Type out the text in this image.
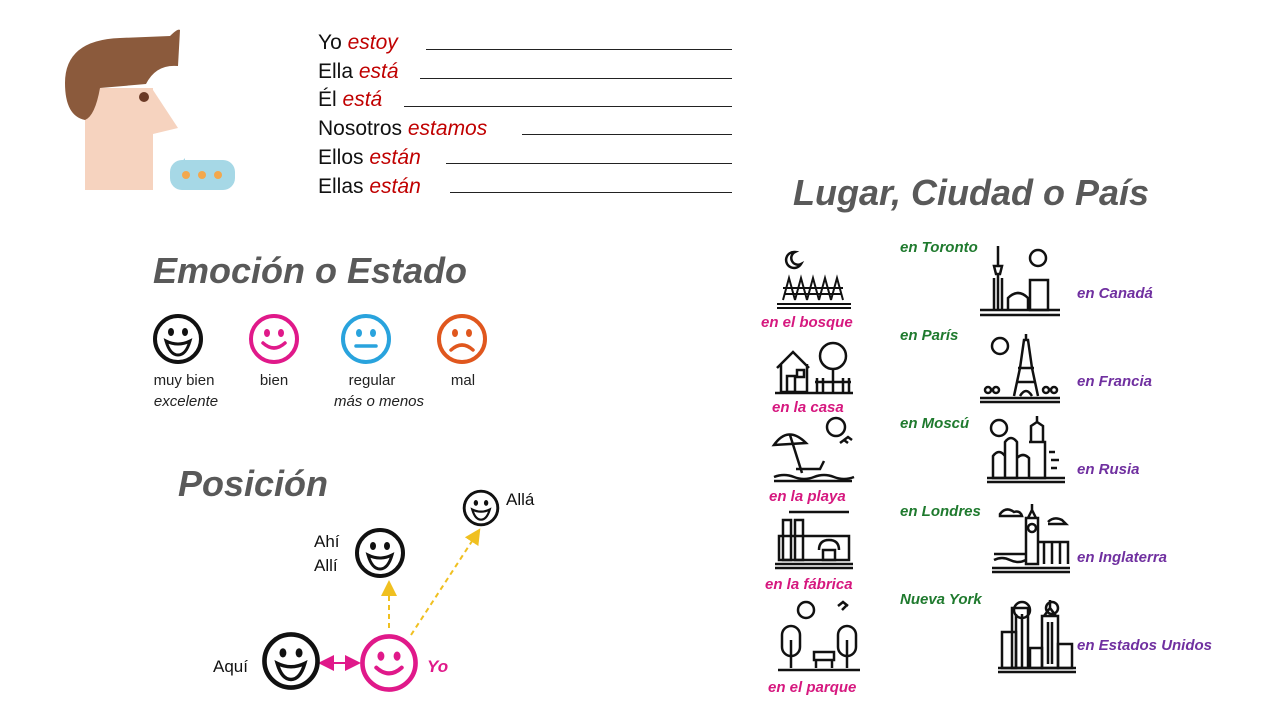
Yo estoy
Ella está
Él está
Nosotros estamos
Ellos están
Ellas están
Emoción o Estado
muy bien
excelente
bien	regular
más o menos
mal
Posición	Allá
Ahí
Allí
Aquí	Yo
Lugar, Ciudad o País
en el bosque
en la casa
en la playa
en la fábrica
en el parque
en Toronto
en Canadá
en París
en Francia
en Moscú
en Rusia
en Londres
en Inglaterra
Nueva York
en Estados Unidos
